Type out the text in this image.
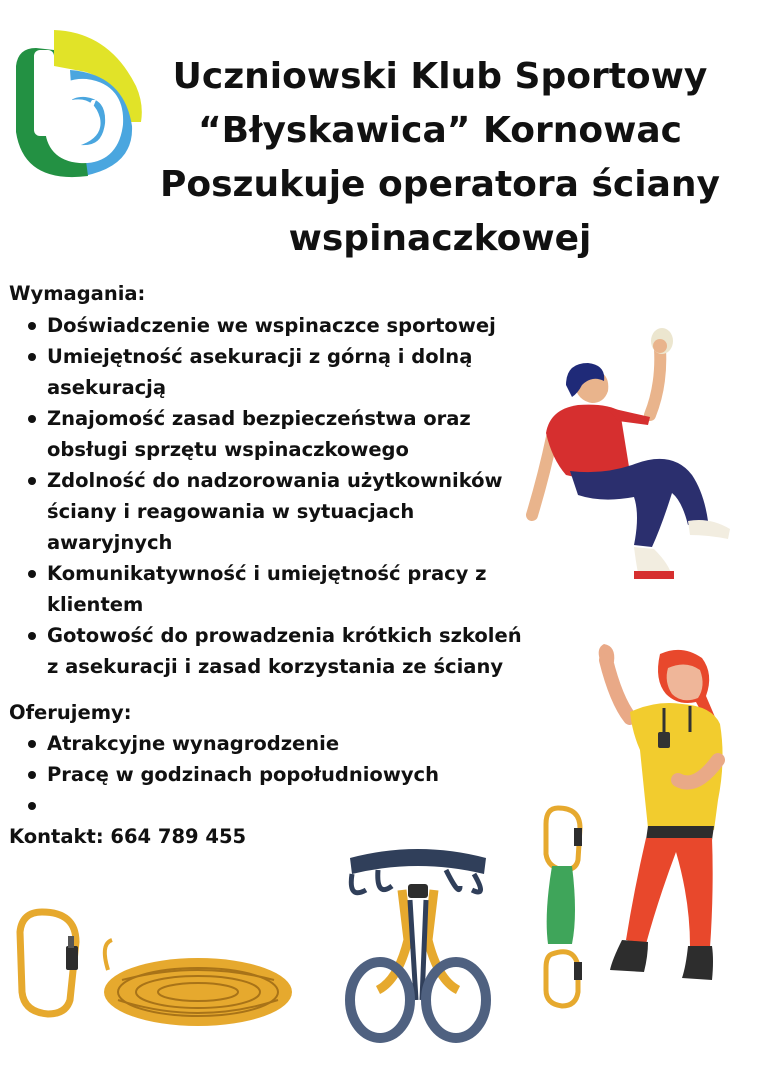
Uczniowski Klub Sportowy
“Błyskawica” Kornowac
Poszukuje operatora ściany
wspinaczkowej
Wymagania:
Doświadczenie we wspinaczce sportowej
Umiejętność asekuracji z górną i dolną
asekuracją
Znajomość zasad bezpieczeństwa oraz
obsługi sprzętu wspinaczkowego
Zdolność do nadzorowania użytkowników
ściany i reagowania w sytuacjach
awaryjnych
Komunikatywność i umiejętność pracy z
klientem
Gotowość do prowadzenia krótkich szkoleń
z asekuracji i zasad korzystania ze ściany
Oferujemy:
Atrakcyjne wynagrodzenie
Pracę w godzinach popołudniowych

Kontakt: 664 789 455
